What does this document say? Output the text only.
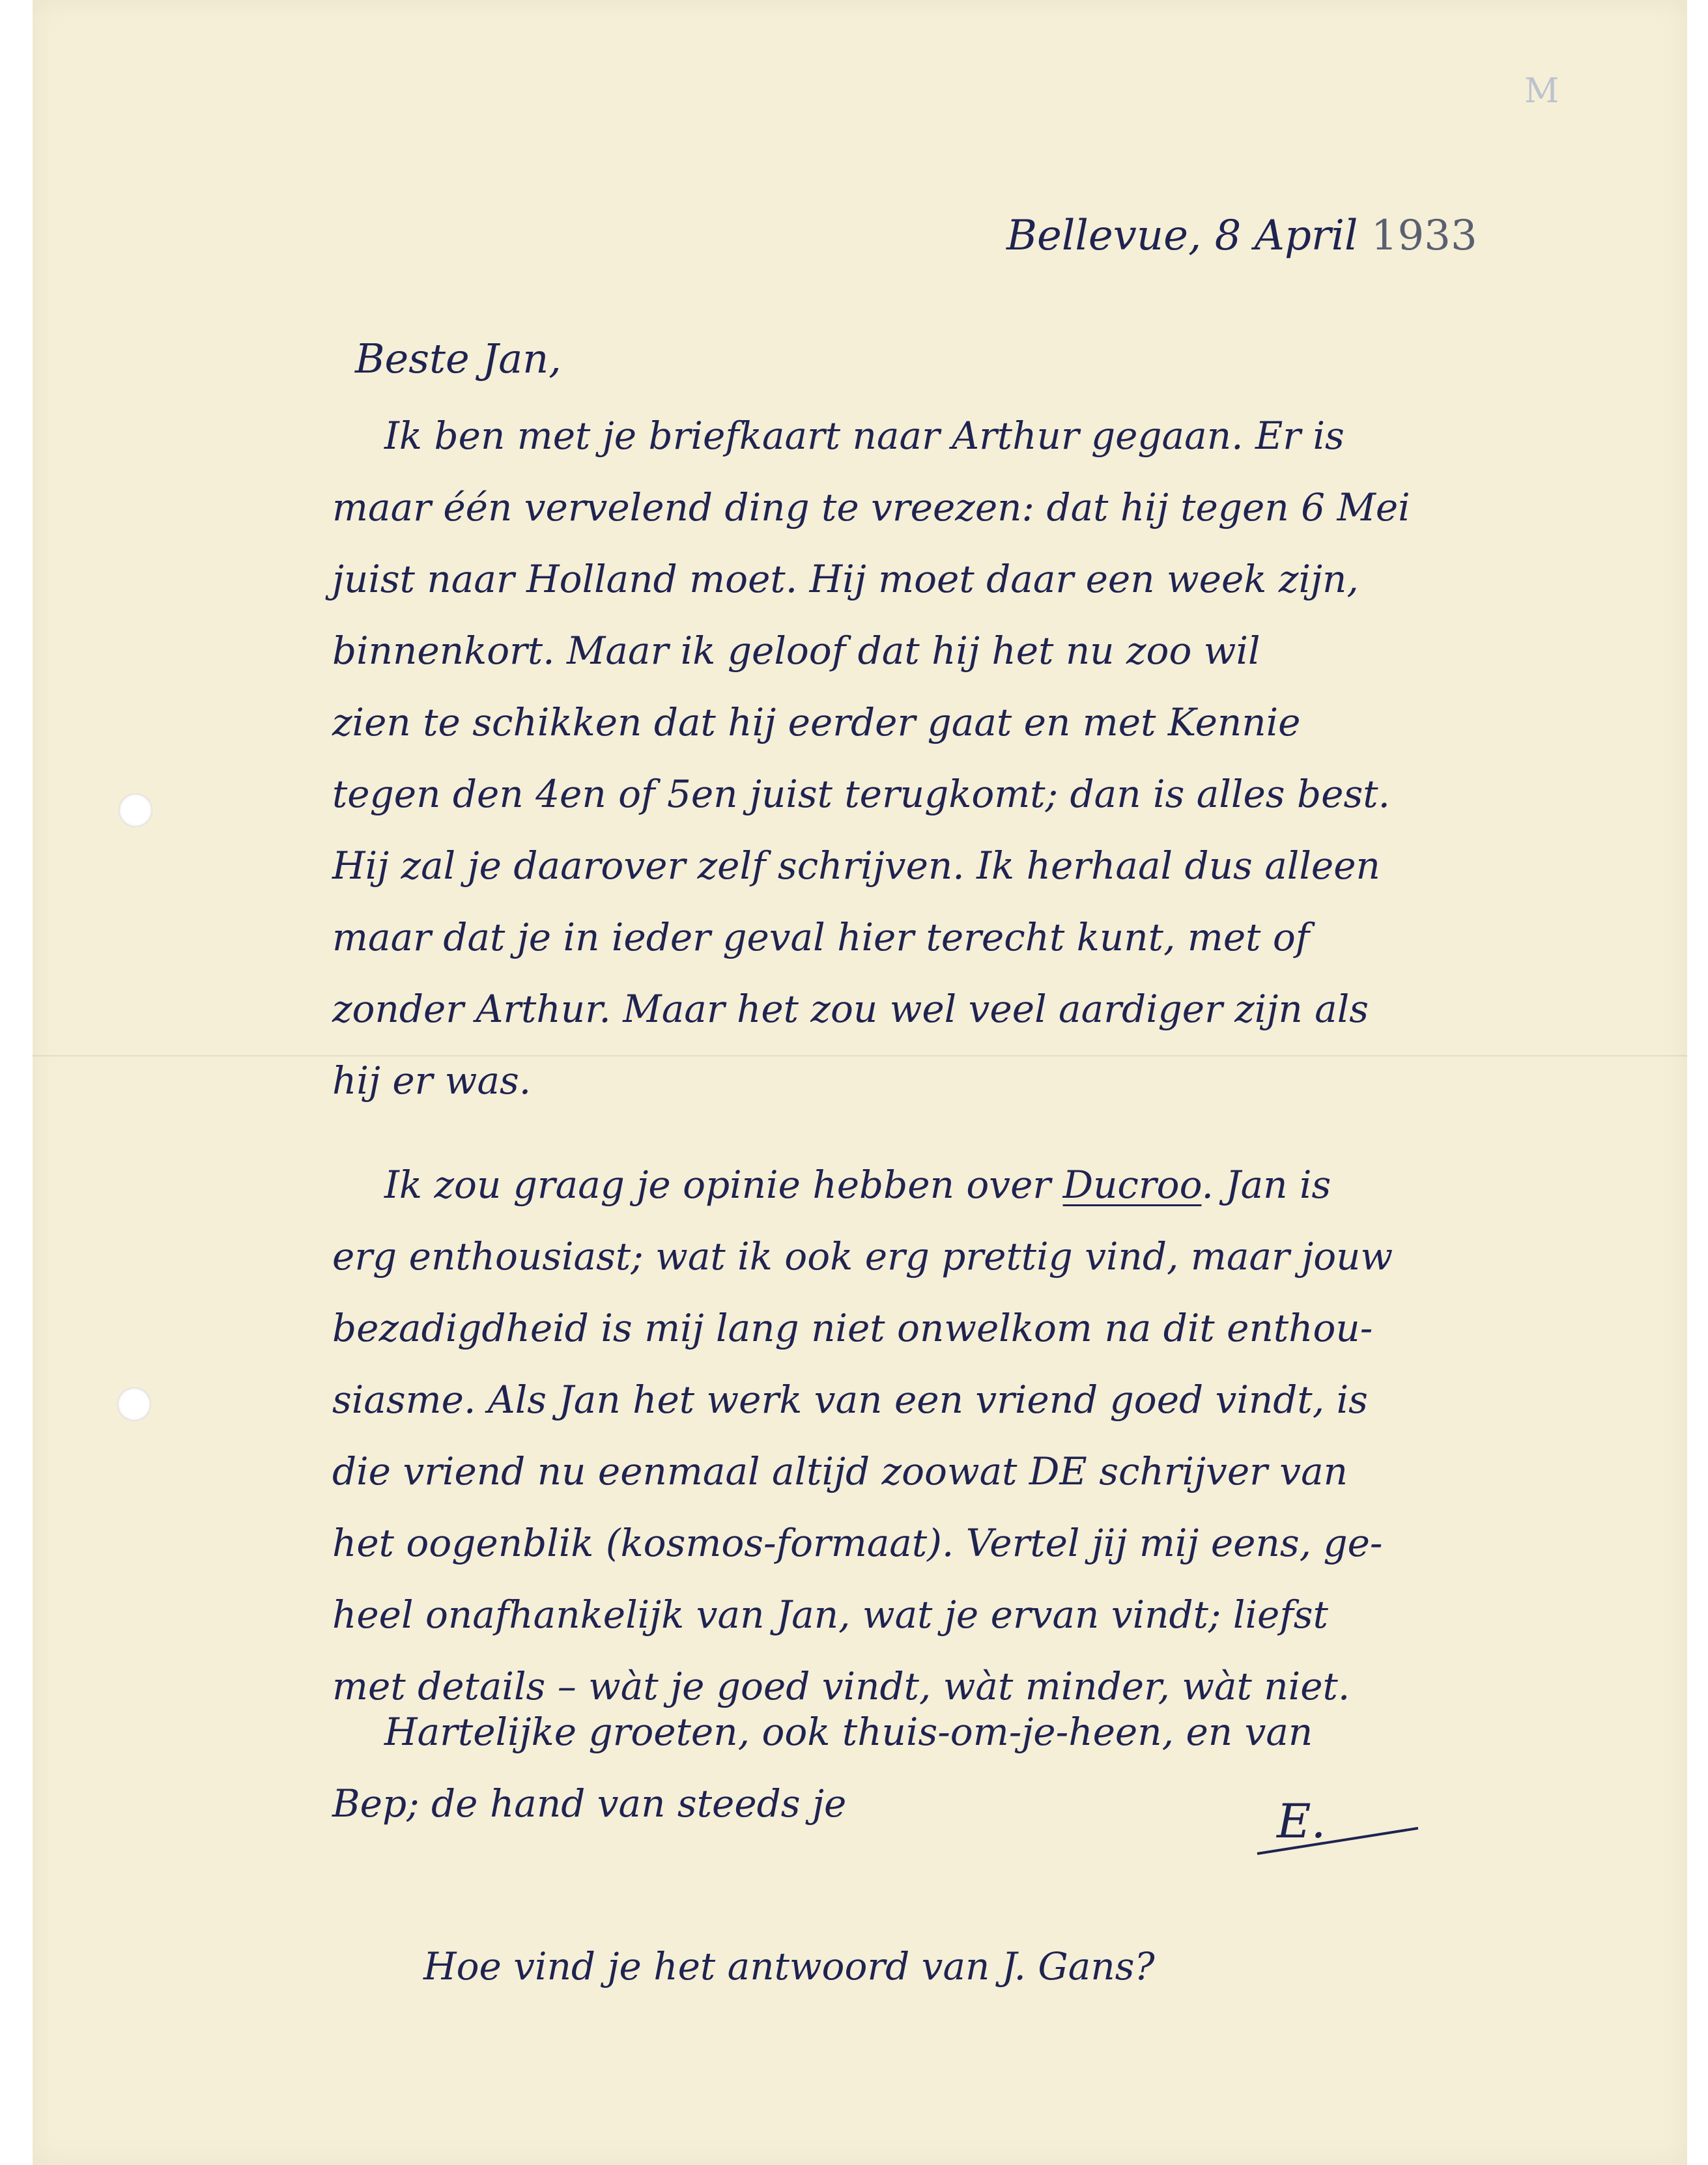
M
Bellevue, 8 April 1933
Beste Jan,
Ik ben met je briefkaart naar Arthur gegaan. Er is
maar één vervelend ding te vreezen: dat hij tegen 6 Mei
juist naar Holland moet. Hij moet daar een week zijn,
binnenkort. Maar ik geloof dat hij het nu zoo wil
zien te schikken dat hij eerder gaat en met Kennie
tegen den 4en of 5en juist terugkomt; dan is alles best.
Hij zal je daarover zelf schrijven. Ik herhaal dus alleen
maar dat je in ieder geval hier terecht kunt, met of
zonder Arthur. Maar het zou wel veel aardiger zijn als
hij er was.
Ik zou graag je opinie hebben over Ducroo. Jan is
erg enthousiast; wat ik ook erg prettig vind, maar jouw
bezadigdheid is mij lang niet onwelkom na dit enthou-
siasme. Als Jan het werk van een vriend goed vindt, is
die vriend nu eenmaal altijd zoowat DE schrijver van
het oogenblik (kosmos-formaat). Vertel jij mij eens, ge-
heel onafhankelijk van Jan, wat je ervan vindt; liefst
met details – wàt je goed vindt, wàt minder, wàt niet.
Hartelijke groeten, ook thuis-om-je-heen, en van
Bep; de hand van steeds je	E.
Hoe vind je het antwoord van J. Gans?
